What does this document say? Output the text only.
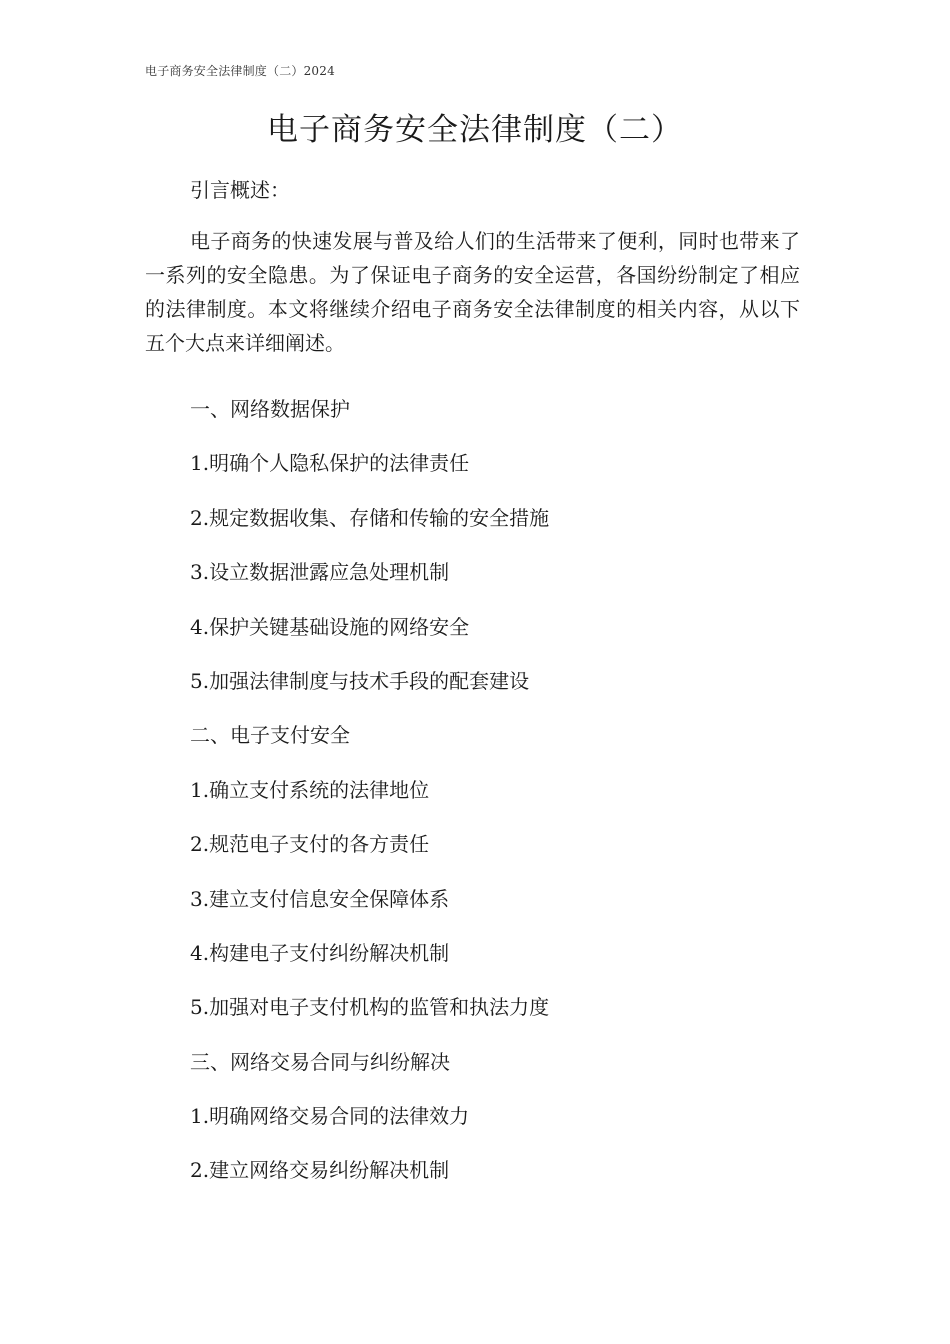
电子商务安全法律制度（二）2024
电子商务安全法律制度（二）
引言概述：

电子商务的快速发展与普及给人们的生活带来了便利，同时也带来了一系列的安全隐患。为了保证电子商务的安全运营，各国纷纷制定了相应的法律制度。本文将继续介绍电子商务安全法律制度的相关内容，从以下五个大点来详细阐述。

一、网络数据保护
1.明确个人隐私保护的法律责任
2.规定数据收集、存储和传输的安全措施
3.设立数据泄露应急处理机制
4.保护关键基础设施的网络安全
5.加强法律制度与技术手段的配套建设
二、电子支付安全
1.确立支付系统的法律地位
2.规范电子支付的各方责任
3.建立支付信息安全保障体系
4.构建电子支付纠纷解决机制
5.加强对电子支付机构的监管和执法力度
三、网络交易合同与纠纷解决
1.明确网络交易合同的法律效力
2.建立网络交易纠纷解决机制
